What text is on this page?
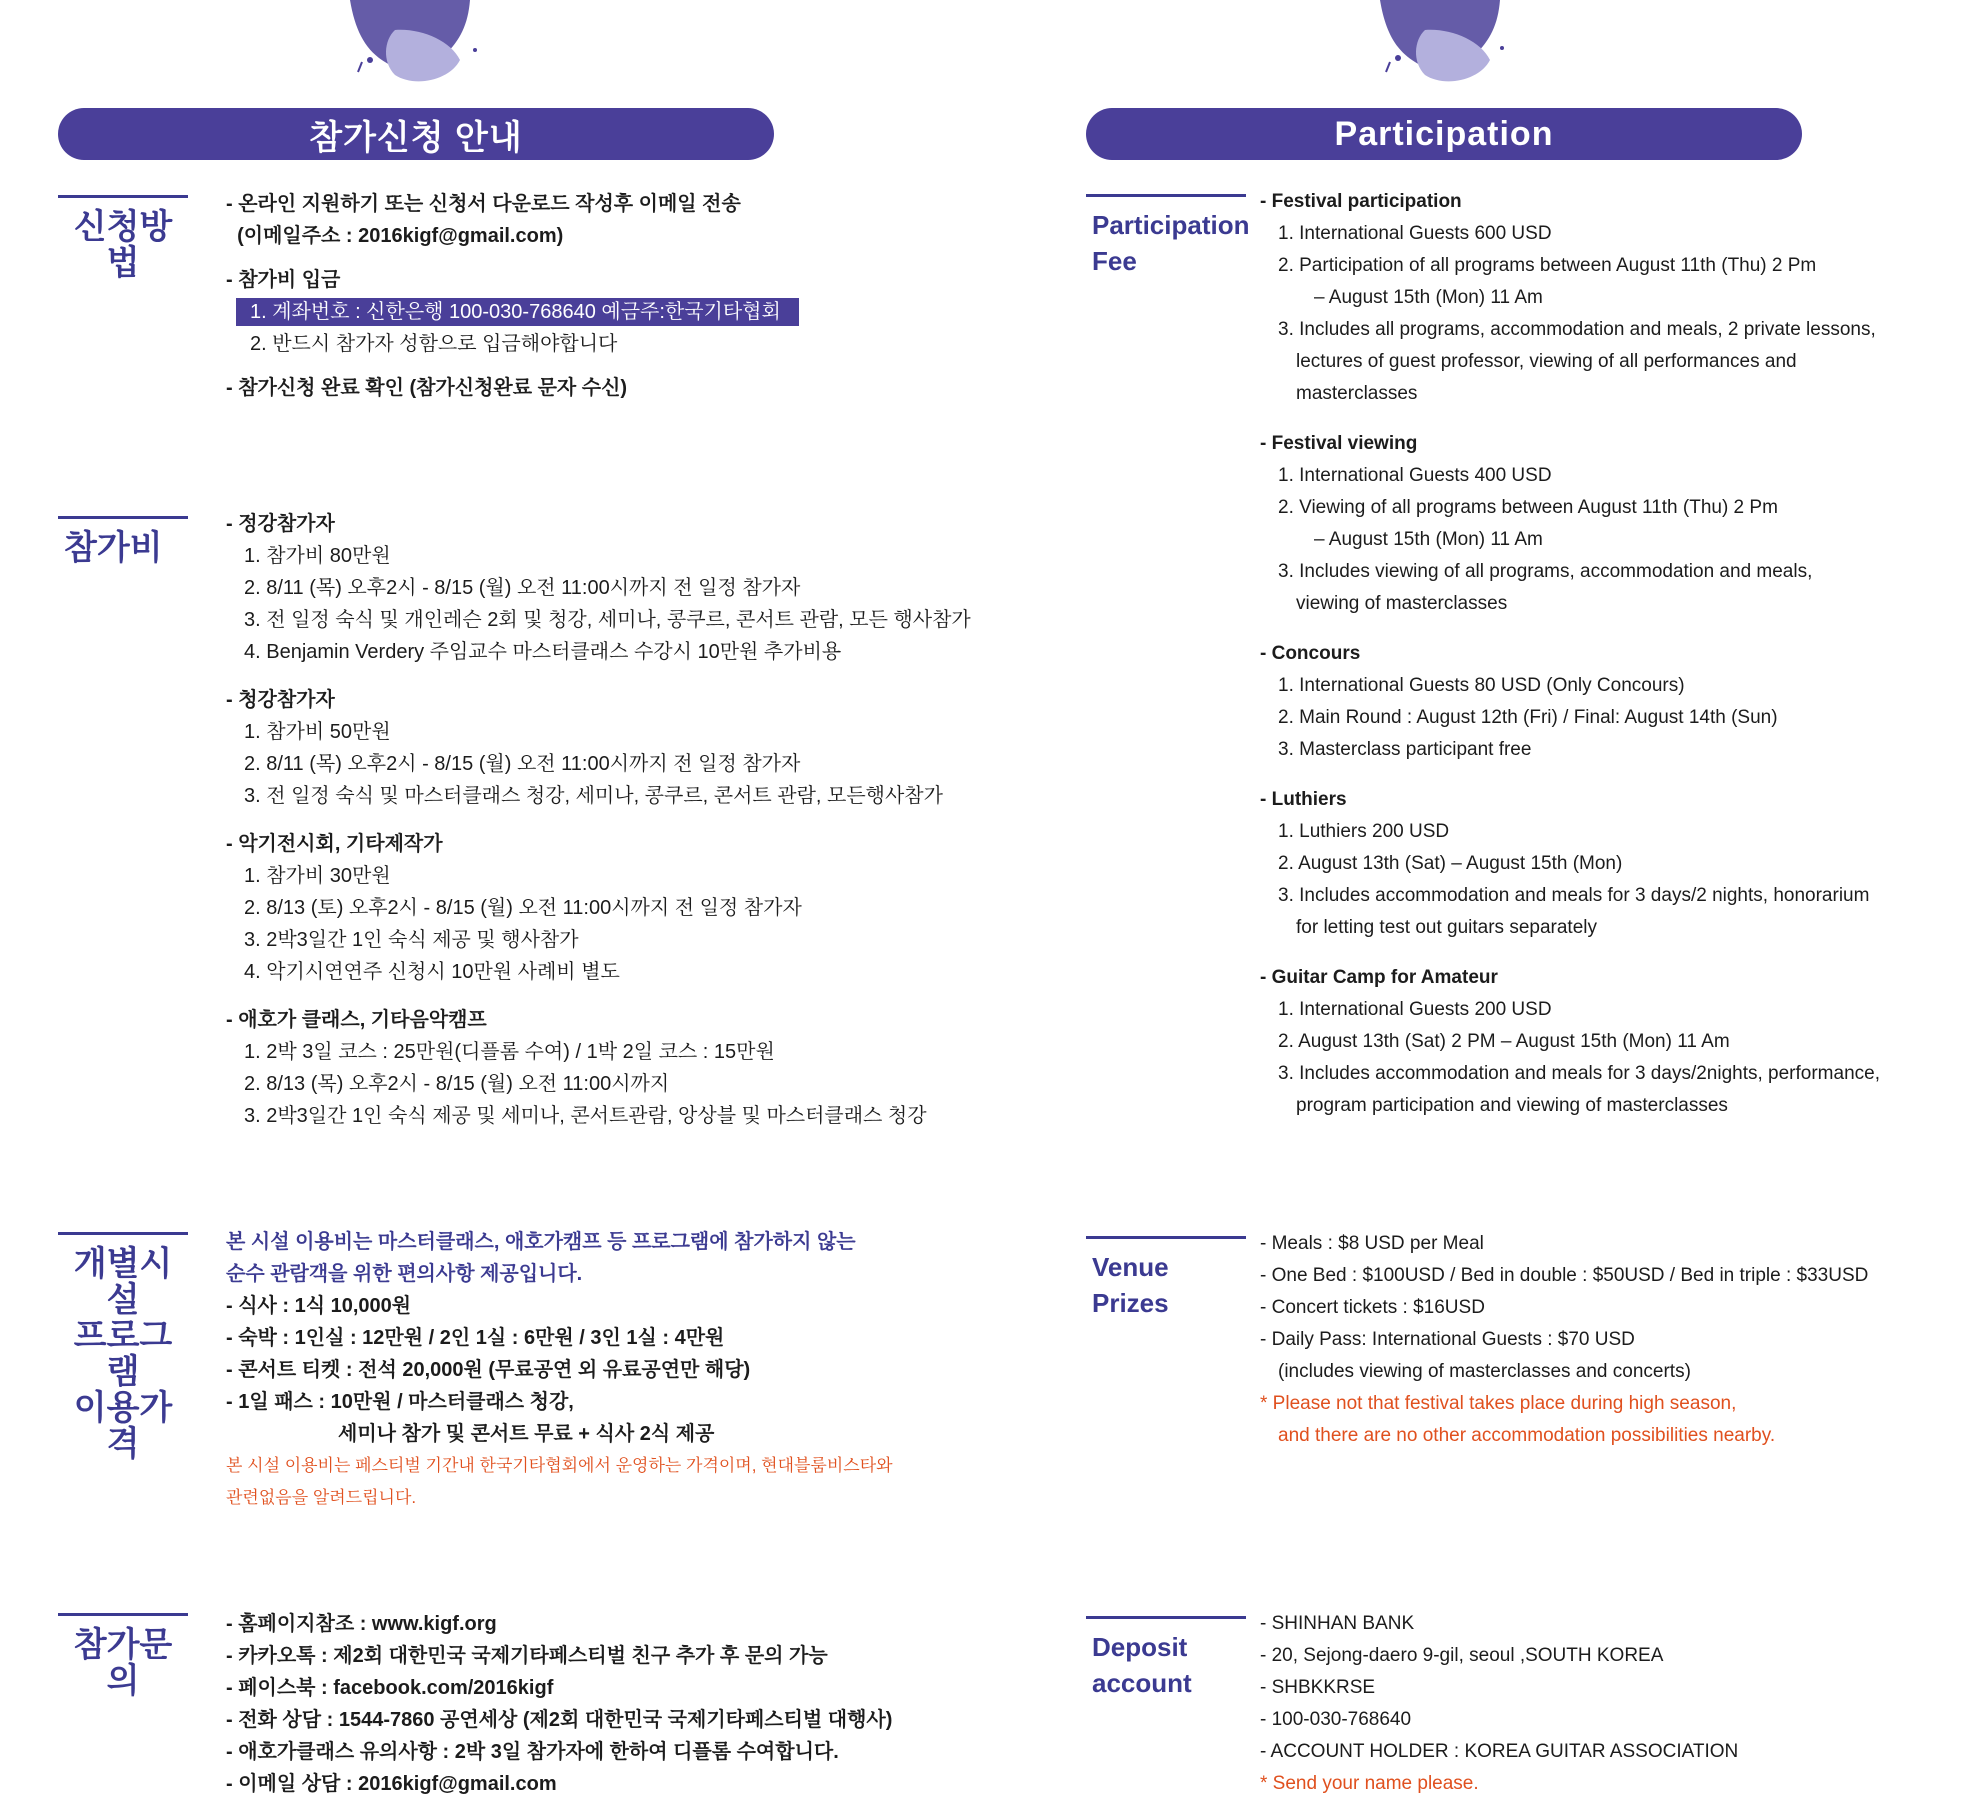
참가신청 안내	Participation
신청방법
- 온라인 지원하기 또는 신청서 다운로드 작성후 이메일 전송
(이메일주소 : 2016kigf@gmail.com)
- 참가비 입금
1. 계좌번호 : 신한은행 100-030-768640 예금주:한국기타협회
2. 반드시 참가자 성함으로 입금해야합니다
- 참가신청 완료 확인 (참가신청완료 문자 수신)
참가비
- 정강참가자
1. 참가비 80만원
2. 8/11 (목) 오후2시 - 8/15 (월) 오전 11:00시까지 전 일정 참가자
3. 전 일정 숙식 및 개인레슨 2회 및 청강, 세미나, 콩쿠르, 콘서트 관람, 모든 행사참가
4. Benjamin Verdery 주임교수 마스터클래스 수강시 10만원 추가비용
- 청강참가자
1. 참가비 50만원
2. 8/11 (목) 오후2시 - 8/15 (월) 오전 11:00시까지 전 일정 참가자
3. 전 일정 숙식 및 마스터클래스 청강, 세미나, 콩쿠르, 콘서트 관람, 모든행사참가
- 악기전시회, 기타제작가
1. 참가비 30만원
2. 8/13 (토) 오후2시 - 8/15 (월) 오전 11:00시까지 전 일정 참가자
3. 2박3일간 1인 숙식 제공 및 행사참가
4. 악기시연연주 신청시 10만원 사례비 별도
- 애호가 클래스, 기타음악캠프
1. 2박 3일 코스 : 25만원(디플롬 수여) / 1박 2일 코스 : 15만원
2. 8/13 (목) 오후2시 - 8/15 (월) 오전 11:00시까지
3. 2박3일간 1인 숙식 제공 및 세미나, 콘서트관람, 앙상블 및 마스터클래스 청강
개별시설
프로그램
이용가격
본 시설 이용비는 마스터클래스, 애호가캠프 등 프로그램에 참가하지 않는
순수 관람객을 위한 편의사항 제공입니다.
- 식사 : 1식 10,000원
- 숙박 : 1인실 : 12만원 / 2인 1실 : 6만원 / 3인 1실 : 4만원
- 콘서트 티켓 : 전석 20,000원 (무료공연 외 유료공연만 해당)
- 1일 패스 : 10만원 / 마스터클래스 청강,
세미나 참가 및 콘서트 무료 + 식사 2식 제공
본 시설 이용비는 페스티벌 기간내 한국기타협회에서 운영하는 가격이며, 현대블룸비스타와
관련없음을 알려드립니다.
참가문의
- 홈페이지참조 : www.kigf.org
- 카카오톡 : 제2회 대한민국 국제기타페스티벌 친구 추가 후 문의 가능
- 페이스북 : facebook.com/2016kigf
- 전화 상담 : 1544-7860 공연세상 (제2회 대한민국 국제기타페스티벌 대행사)
- 애호가클래스 유의사항 : 2박 3일 참가자에 한하여 디플롬 수여합니다.
- 이메일 상담 : 2016kigf@gmail.com
Participation
Fee
- Festival participation
1. International Guests 600 USD
2. Participation of all programs between August 11th (Thu) 2 Pm
– August 15th (Mon) 11 Am
3. Includes all programs, accommodation and meals, 2 private lessons,
lectures of guest professor, viewing of all performances and
masterclasses
- Festival viewing
1. International Guests 400 USD
2. Viewing of all programs between August 11th (Thu) 2 Pm
– August 15th (Mon) 11 Am
3. Includes viewing of all programs, accommodation and meals,
viewing of masterclasses
- Concours
1. International Guests 80 USD (Only Concours)
2. Main Round : August 12th (Fri) / Final: August 14th (Sun)
3. Masterclass participant free
- Luthiers
1. Luthiers 200 USD
2. August 13th (Sat) – August 15th (Mon)
3. Includes accommodation and meals for 3 days/2 nights, honorarium
for letting test out guitars separately
- Guitar Camp for Amateur
1. International Guests 200 USD
2. August 13th (Sat) 2 PM – August 15th (Mon) 11 Am
3. Includes accommodation and meals for 3 days/2nights, performance,
program participation and viewing of masterclasses
Venue
Prizes
- Meals : $8 USD per Meal
- One Bed : $100USD / Bed in double : $50USD / Bed in triple : $33USD
- Concert tickets : $16USD
- Daily Pass: International Guests : $70 USD
(includes viewing of masterclasses and concerts)
* Please not that festival takes place during high season,
and there are no other accommodation possibilities nearby.
Deposit
account
- SHINHAN BANK
- 20, Sejong-daero 9-gil, seoul ,SOUTH KOREA
- SHBKKRSE
- 100-030-768640
- ACCOUNT HOLDER : KOREA GUITAR ASSOCIATION
* Send your name please.
